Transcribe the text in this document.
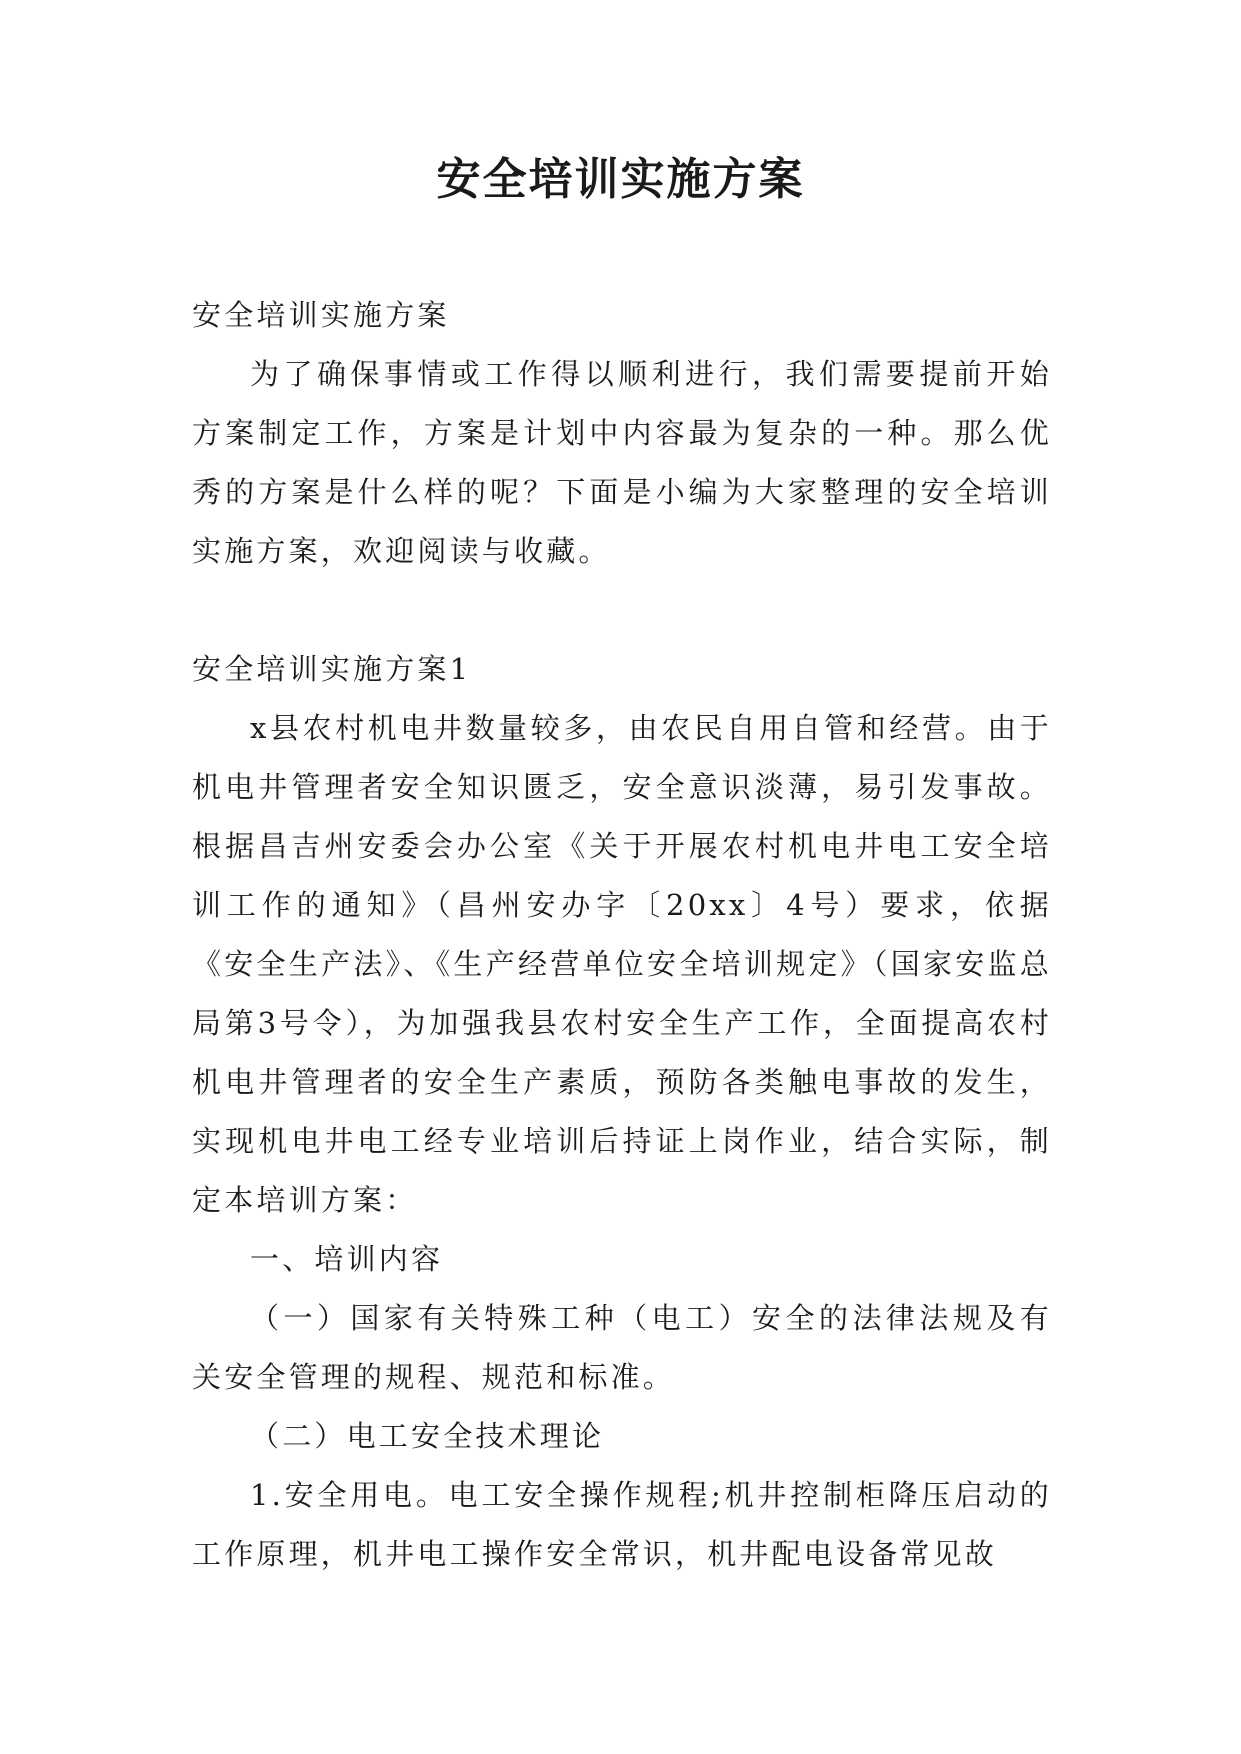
安全培训实施方案

安全培训实施方案

为了确保事情或工作得以顺利进行，我们需要提前开始方案制定工作，方案是计划中内容最为复杂的一种。那么优秀的方案是什么样的呢？下面是小编为大家整理的安全培训实施方案，欢迎阅读与收藏。

安全培训实施方案1

x县农村机电井数量较多，由农民自用自管和经营。由于机电井管理者安全知识匮乏，安全意识淡薄，易引发事故。根据昌吉州安委会办公室《关于开展农村机电井电工安全培训工作的通知》（昌州安办字〔20xx〕4号）要求，依据《安全生产法》、《生产经营单位安全培训规定》（国家安监总局第3号令），为加强我县农村安全生产工作，全面提高农村机电井管理者的安全生产素质，预防各类触电事故的发生，实现机电井电工经专业培训后持证上岗作业，结合实际，制定本培训方案：

一、培训内容

（一）国家有关特殊工种（电工）安全的法律法规及有关安全管理的规程、规范和标准。

（二）电工安全技术理论

1.安全用电。电工安全操作规程;机井控制柜降压启动的工作原理，机井电工操作安全常识，机井配电设备常见故
